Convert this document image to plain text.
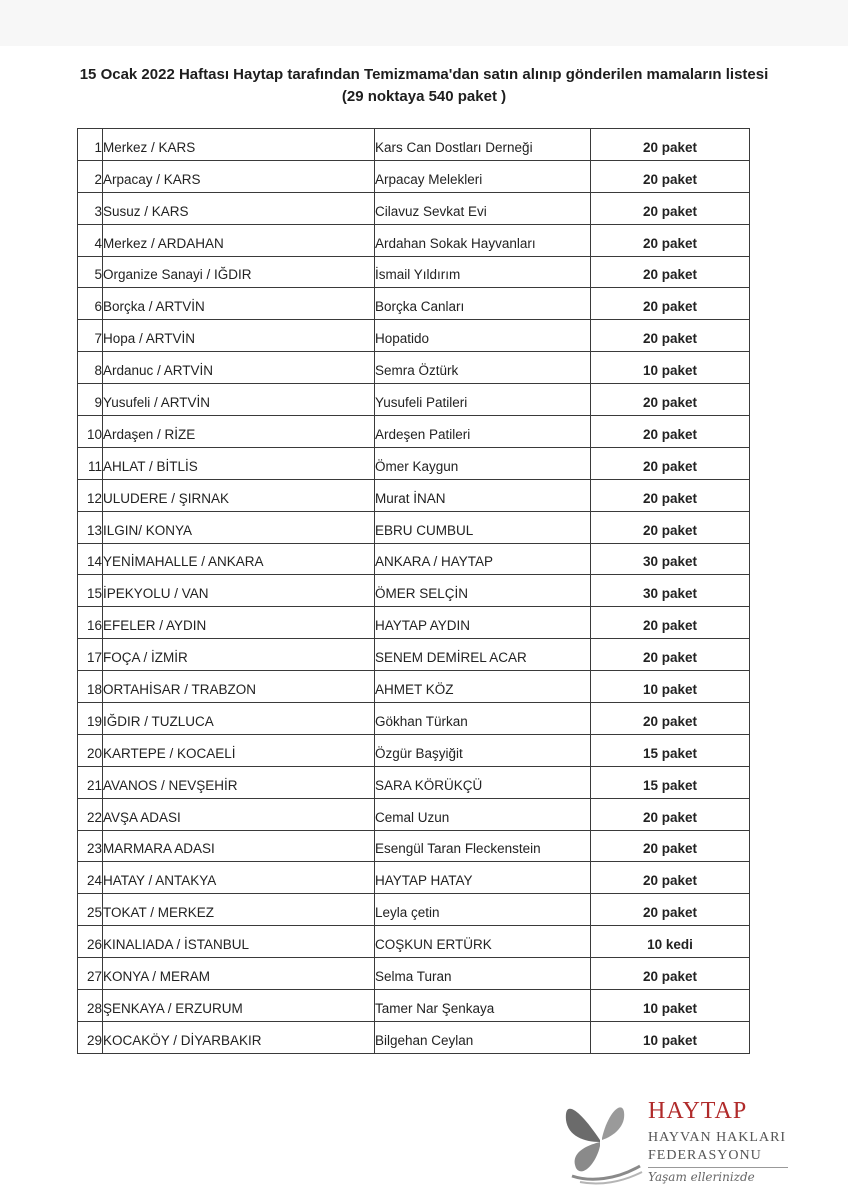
15 Ocak 2022 Haftası Haytap tarafından Temizmama'dan satın alınıp gönderilen mamaların listesi
(29 noktaya 540 paket )
1	Merkez / KARS	Kars Can Dostları Derneği	20 paket
2	Arpacay / KARS	Arpacay Melekleri	20 paket
3	Susuz / KARS	Cilavuz Sevkat Evi	20 paket
4	Merkez / ARDAHAN	Ardahan Sokak Hayvanları	20 paket
5	Organize Sanayi / IĞDIR	İsmail Yıldırım	20 paket
6	Borçka / ARTVİN	Borçka Canları	20 paket
7	Hopa / ARTVİN	Hopatido	20 paket
8	Ardanuc / ARTVİN	Semra Öztürk	10 paket
9	Yusufeli / ARTVİN	Yusufeli Patileri	20 paket
10	Ardaşen / RİZE	Ardeşen Patileri	20 paket
11	AHLAT / BİTLİS	Ömer Kaygun	20 paket
12	ULUDERE / ŞIRNAK	Murat İNAN	20 paket
13	ILGIN/ KONYA	EBRU CUMBUL	20 paket
14	YENİMAHALLE / ANKARA	ANKARA / HAYTAP	30 paket
15	İPEKYOLU / VAN	ÖMER SELÇİN	30 paket
16	EFELER / AYDIN	HAYTAP AYDIN	20 paket
17	FOÇA / İZMİR	SENEM DEMİREL ACAR	20 paket
18	ORTAHİSAR / TRABZON	AHMET KÖZ	10 paket
19	IĞDIR / TUZLUCA	Gökhan Türkan	20 paket
20	KARTEPE / KOCAELİ	Özgür Başyiğit	15 paket
21	AVANOS / NEVŞEHİR	SARA KÖRÜKÇÜ	15 paket
22	AVŞA ADASI	Cemal Uzun	20 paket
23	MARMARA ADASI	Esengül Taran Fleckenstein	20 paket
24	HATAY / ANTAKYA	HAYTAP HATAY	20 paket
25	TOKAT / MERKEZ	Leyla çetin	20 paket
26	KINALIADA / İSTANBUL	COŞKUN ERTÜRK	10 kedi
27	KONYA / MERAM	Selma Turan	20 paket
28	ŞENKAYA / ERZURUM	Tamer Nar Şenkaya	10 paket
29	KOCAKÖY / DİYARBAKIR	Bilgehan Ceylan	10 paket
HAYTAP
HAYVAN HAKLARI
FEDERASYONU
Yaşam ellerinizde
